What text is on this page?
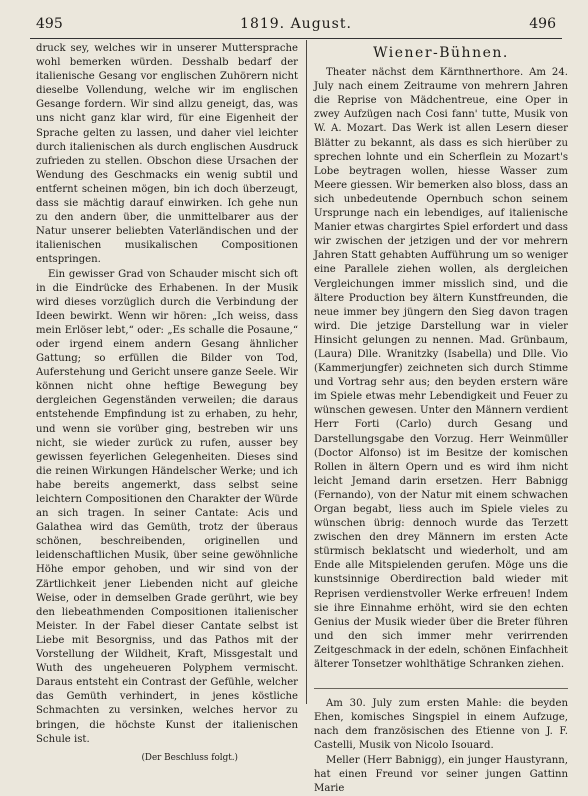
495	1819. August.	496

druck sey, welches wir in unserer Muttersprache wohl bemerken würden. Desshalb bedarf der italienische Gesang vor englischen Zuhörern nicht dieselbe Vollendung, welche wir im englischen Gesange fordern. Wir sind allzu geneigt, das, was uns nicht ganz klar wird, für eine Eigenheit der Sprache gelten zu lassen, und daher viel leichter durch italienischen als durch englischen Ausdruck zufrieden zu stellen. Obschon diese Ursachen der Wendung des Geschmacks ein wenig subtil und entfernt scheinen mögen, bin ich doch überzeugt, dass sie mächtig darauf einwirken. Ich gehe nun zu den andern über, die unmittelbarer aus der Natur unserer beliebten Vaterländischen und der italienischen musikalischen Compositionen entspringen.

Ein gewisser Grad von Schauder mischt sich oft in die Eindrücke des Erhabenen. In der Musik wird dieses vorzüglich durch die Verbindung der Ideen bewirkt. Wenn wir hören: „Ich weiss, dass mein Erlöser lebt,“ oder: „Es schalle die Posaune,“ oder irgend einem andern Gesang ähnlicher Gattung; so erfüllen die Bilder von Tod, Auferstehung und Gericht unsere ganze Seele. Wir können nicht ohne heftige Bewegung bey dergleichen Gegenständen verweilen; die daraus entstehende Empfindung ist zu erhaben, zu hehr, und wenn sie vorüber ging, bestreben wir uns nicht, sie wieder zurück zu rufen, ausser bey gewissen feyerlichen Gelegenheiten. Dieses sind die reinen Wirkungen Händelscher Werke; und ich habe bereits angemerkt, dass selbst seine leichtern Compositionen den Charakter der Würde an sich tragen. In seiner Cantate: Acis und Galathea wird das Gemüth, trotz der überaus schönen, beschreibenden, originellen und leidenschaftlichen Musik, über seine gewöhnliche Höhe empor gehoben, und wir sind von der Zärtlichkeit jener Liebenden nicht auf gleiche Weise, oder in demselben Grade gerührt, wie bey den liebeathmenden Compositionen italienischer Meister. In der Fabel dieser Cantate selbst ist Liebe mit Besorgniss, und das Pathos mit der Vorstellung der Wildheit, Kraft, Missgestalt und Wuth des ungeheueren Polyphem vermischt. Daraus entsteht ein Contrast der Gefühle, welcher das Gemüth verhindert, in jenes köstliche Schmachten zu versinken, welches hervor zu bringen, die höchste Kunst der italienischen Schule ist.

(Der Beschluss folgt.)
Wiener-Bühnen.

Theater nächst dem Kärnthnerthore. Am 24. July nach einem Zeitraume von mehrern Jahren die Reprise von Mädchentreue, eine Oper in zwey Aufzügen nach Cosi fann' tutte, Musik von W. A. Mozart. Das Werk ist allen Lesern dieser Blätter zu bekannt, als dass es sich hierüber zu sprechen lohnte und ein Scherflein zu Mozart's Lobe beytragen wollen, hiesse Wasser zum Meere giessen. Wir bemerken also bloss, dass an sich unbedeutende Opernbuch schon seinem Ursprunge nach ein lebendiges, auf italienische Manier etwas chargirtes Spiel erfordert und dass wir zwischen der jetzigen und der vor mehrern Jahren Statt gehabten Aufführung um so weniger eine Parallele ziehen wollen, als dergleichen Vergleichungen immer misslich sind, und die ältere Production bey ältern Kunstfreunden, die neue immer bey jüngern den Sieg davon tragen wird. Die jetzige Darstellung war in vieler Hinsicht gelungen zu nennen. Mad. Grünbaum, (Laura) Dlle. Wranitzky (Isabella) und Dlle. Vio (Kammerjungfer) zeichneten sich durch Stimme und Vortrag sehr aus; den beyden erstern wäre im Spiele etwas mehr Lebendigkeit und Feuer zu wünschen gewesen. Unter den Männern verdient Herr Forti (Carlo) durch Gesang und Darstellungsgabe den Vorzug. Herr Weinmüller (Doctor Alfonso) ist im Besitze der komischen Rollen in ältern Opern und es wird ihm nicht leicht Jemand darin ersetzen. Herr Babnigg (Fernando), von der Natur mit einem schwachen Organ begabt, liess auch im Spiele vieles zu wünschen übrig: dennoch wurde das Terzett zwischen den drey Männern im ersten Acte stürmisch beklatscht und wiederholt, und am Ende alle Mitspielenden gerufen. Möge uns die kunstsinnige Oberdirection bald wieder mit Reprisen verdienstvoller Werke erfreuen! Indem sie ihre Einnahme erhöht, wird sie den echten Genius der Musik wieder über die Breter führen und den sich immer mehr verirrenden Zeitgeschmack in der edeln, schönen Einfachheit älterer Tonsetzer wohlthätige Schranken ziehen.

Am 30. July zum ersten Mahle: die beyden Ehen, komisches Singspiel in einem Aufzuge, nach dem französischen des Etienne von J. F. Castelli, Musik von Nicolo Isouard.

Meller (Herr Babnigg), ein junger Haustyrann, hat einen Freund vor seiner jungen Gattinn Marie
